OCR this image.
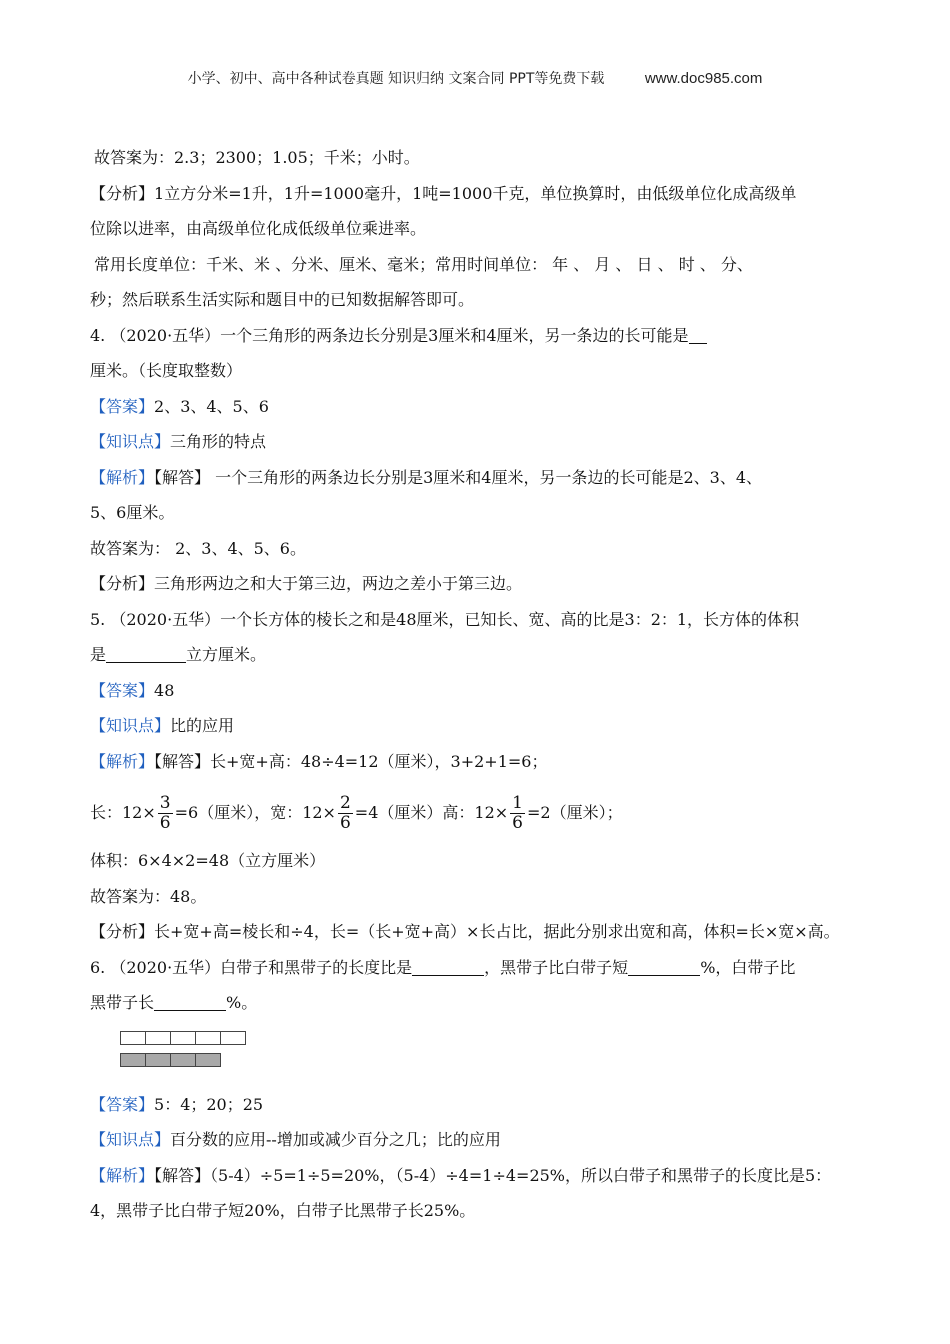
小学、初中、高中各种试卷真题 知识归纳 文案合同 PPT等免费下载	www.doc985.com
故答案为：2.3；2300；1.05；千米；小时。
【分析】1立方分米=1升，1升=1000毫升，1吨=1000千克，单位换算时，由低级单位化成高级单
位除以进率，由高级单位化成低级单位乘进率。
常用长度单位：千米、米 、分米、厘米、毫米；常用时间单位： 年 、 月 、 日 、 时 、 分、
秒；然后联系生活实际和题目中的已知数据解答即可。
4. （2020·五华）一个三角形的两条边长分别是3厘米和4厘米，另一条边的长可能是
厘米。（长度取整数）
【答案】2、3、4、5、6
【知识点】三角形的特点
【解析】【解答】 一个三角形的两条边长分别是3厘米和4厘米，另一条边的长可能是2、3、4、
5、6厘米。
故答案为： 2、3、4、5、6。
【分析】三角形两边之和大于第三边，两边之差小于第三边。
5. （2020·五华）一个长方体的棱长之和是48厘米，已知长、宽、高的比是3：2：1，长方体的体积
是	立方厘米。
【答案】48
【知识点】比的应用
【解析】【解答】长+宽+高：48÷4=12（厘米），3+2+1=6；
长：$12\times \frac{3}{6} =6$（厘米），宽：$12\times \frac{2}{6} =4$（厘米）高：$12\times \frac{1}{6} =2$（厘米）；
体积：6×4×2=48（立方厘米）
故答案为：48。
【分析】长+宽+高=棱长和÷4，长=（长+宽+高）×长占比，据此分别求出宽和高，体积=长×宽×高。
6. （2020·五华）白带子和黑带子的长度比是	，黑带子比白带子短	%，白带子比
黑带子长	%。
【答案】5：4；20；25
【知识点】百分数的应用--增加或减少百分之几；比的应用
【解析】【解答】（5-4）÷5=1÷5=20%，（5-4）÷4=1÷4=25%，所以白带子和黑带子的长度比是5：
4，黑带子比白带子短20%，白带子比黑带子长25%。
